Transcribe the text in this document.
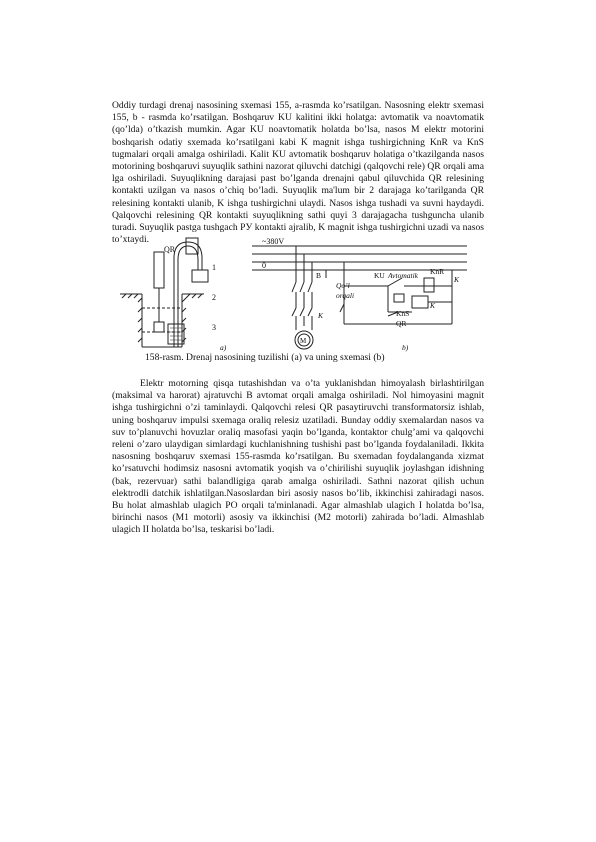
Oddiy turdagi drenaj nasosining sxemasi 155, a-rasmda ko’rsatilgan. Nasosning elektr sxemasi 155, b - rasmda ko’rsatilgan. Boshqaruv KU kalitini ikki holatga: avtomatik va noavtomatik (qo’lda) o’tkazish mumkin. Agar KU noavtomatik holatda bo’lsa, nasos M elektr motorini boshqarish odatiy sxemada ko’rsatilgani kabi K magnit ishga tushirgichning KnR va KnS tugmalari orqali amalga oshiriladi. Kalit KU avtomatik boshqaruv holatiga o’tkazilganda nasos motorining boshqaruvi suyuqlik sathini nazorat qiluvchi datchigi (qalqovchi rele) QR orqali ama lga oshiriladi. Suyuqlikning darajasi past bo’lganda drenajni qabul qiluvchida QR relesining kontakti uzilgan va nasos o’chiq bo’ladi. Suyuqlik ma'lum bir 2 darajaga ko’tarilganda QR relesining kontakti ulanib, K ishga tushirgichni ulaydi. Nasos ishga tushadi va suvni haydaydi. Qalqovchi relesining QR kontakti suyuqlikning sathi quyi 3 darajagacha tushguncha ulanib turadi. Suyuqlik pastga tushgach PУ kontakti ajralib, K magnit ishga tushirgichni uzadi va nasos to’xtaydi.

QR
1
2
3
a)
~380V
0
B
Qo’l
orqali
KU Avtomatik KnR
K
K
K	KnS
QR
M
b)
158-rasm. Drenaj nasosining tuzilishi (a) va uning sxemasi (b)

Elektr motorning qisqa tutashishdan va o’ta yuklanishdan himoyalash birlashtirilgan (maksimal va harorat) ajratuvchi B avtomat orqali amalga oshiriladi. Nol himoyasini magnit ishga tushirgichni o’zi taminlaydi. Qalqovchi relesi QR pasaytiruvchi transformatorsiz ishlab, uning boshqaruv impulsi sxemaga oraliq relesiz uzatiladi. Bunday oddiy sxemalardan nasos va suv to’planuvchi hovuzlar oraliq masofasi yaqin bo’lganda, kontaktor chulg’ami va qalqovchi releni o’zaro ulaydigan simlardagi kuchlanishning tushishi past bo’lganda foydalaniladi. Ikkita nasosning boshqaruv sxemasi 155-rasmda ko’rsatilgan. Bu sxemadan foydalanganda xizmat ko’rsatuvchi hodimsiz nasosni avtomatik yoqish va o’chirilishi suyuqlik joylashgan idishning (bak, rezervuar) sathi balandligiga qarab amalga oshiriladi. Sathni nazorat qilish uchun elektrodli datchik ishlatilgan.Nasoslardan biri asosiy nasos bo’lib, ikkinchisi zahiradagi nasos. Bu holat almashlab ulagich PO orqali ta'minlanadi. Agar almashlab ulagich I holatda bo’lsa, birinchi nasos (M1 motorli) asosiy va ikkinchisi (M2 motorli) zahirada bo’ladi. Almashlab ulagich II holatda bo’lsa, teskarisi bo’ladi.
